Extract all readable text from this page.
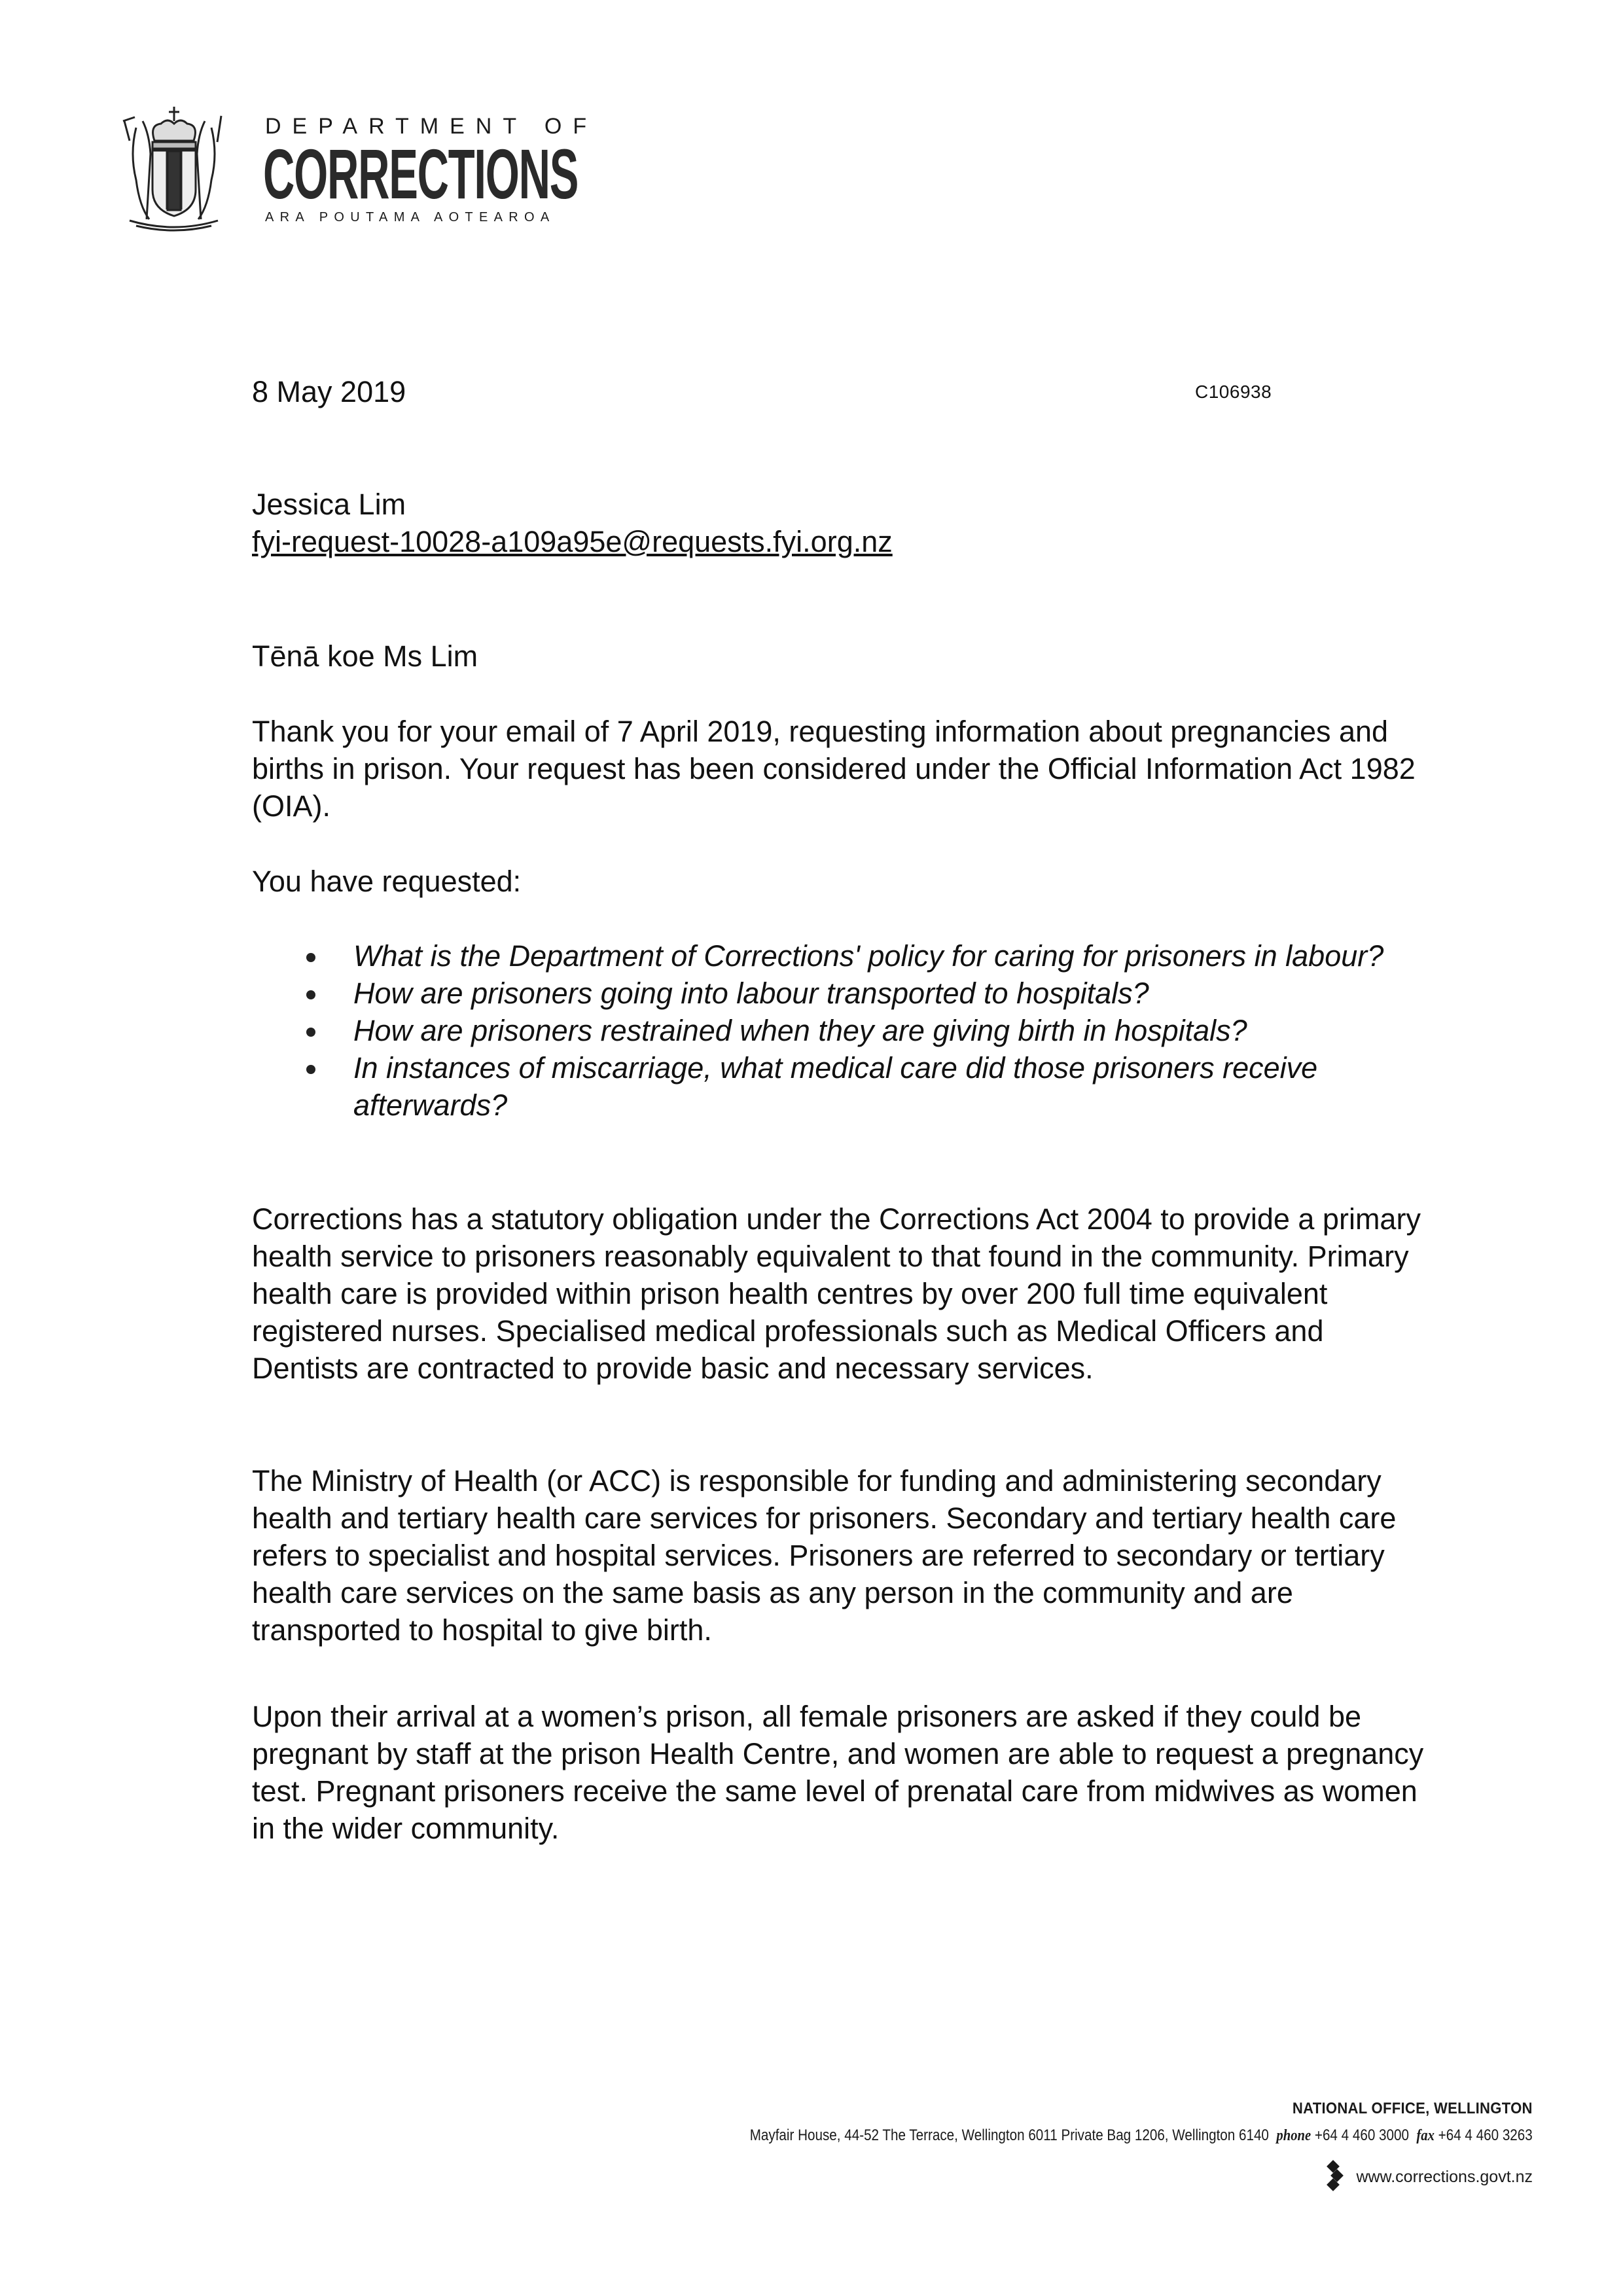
DEPARTMENT OF
CORRECTIONS
ARA POUTAMA AOTEAROA
8 May 2019	C106938
Jessica Lim
fyi-request-10028-a109a95e@requests.fyi.org.nz
Tēnā koe Ms Lim
Thank you for your email of 7 April 2019, requesting information about pregnancies and births in prison. Your request has been considered under the Official Information Act 1982 (OIA).
You have requested:
What is the Department of Corrections' policy for caring for prisoners in labour?
How are prisoners going into labour transported to hospitals?
How are prisoners restrained when they are giving birth in hospitals?
In instances of miscarriage, what medical care did those prisoners receive afterwards?
Corrections has a statutory obligation under the Corrections Act 2004 to provide a primary health service to prisoners reasonably equivalent to that found in the community. Primary health care is provided within prison health centres by over 200 full time equivalent registered nurses. Specialised medical professionals such as Medical Officers and Dentists are contracted to provide basic and necessary services.
The Ministry of Health (or ACC) is responsible for funding and administering secondary health and tertiary health care services for prisoners. Secondary and tertiary health care refers to specialist and hospital services. Prisoners are referred to secondary or tertiary health care services on the same basis as any person in the community and are transported to hospital to give birth.
Upon their arrival at a women’s prison, all female prisoners are asked if they could be pregnant by staff at the prison Health Centre, and women are able to request a pregnancy test. Pregnant prisoners receive the same level of prenatal care from midwives as women in the wider community.
NATIONAL OFFICE, WELLINGTON
Mayfair House, 44-52 The Terrace, Wellington 6011 Private Bag 1206, Wellington 6140 phone +64 4 460 3000 fax +64 4 460 3263
www.corrections.govt.nz
